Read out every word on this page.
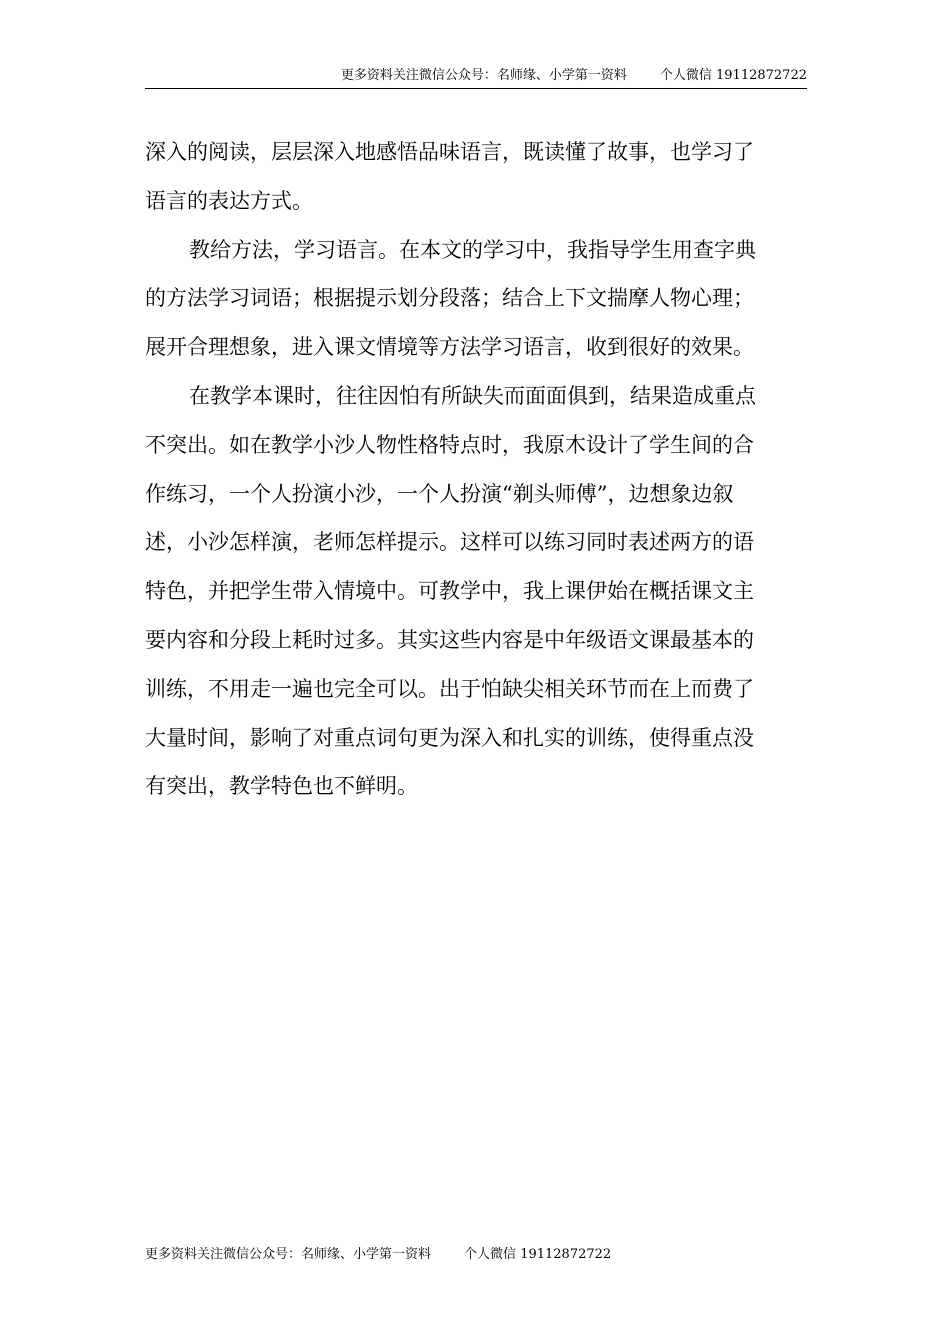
更多资料关注微信公众号：名师缘、小学第一资料        个人微信 19112872722
深入的阅读，层层深入地感悟品味语言，既读懂了故事，也学习了
语言的表达方式。
教给方法，学习语言。在本文的学习中，我指导学生用查字典
的方法学习词语；根据提示划分段落；结合上下文揣摩人物心理；
展开合理想象，进入课文情境等方法学习语言，收到很好的效果。
在教学本课时，往往因怕有所缺失而面面俱到，结果造成重点
不突出。如在教学小沙人物性格特点时，我原木设计了学生间的合
作练习，一个人扮演小沙，一个人扮演“剃头师傅”，边想象边叙
述，小沙怎样演，老师怎样提示。这样可以练习同时表述两方的语
特色，并把学生带入情境中。可教学中，我上课伊始在概括课文主
要内容和分段上耗时过多。其实这些内容是中年级语文课最基本的
训练，不用走一遍也完全可以。出于怕缺尖相关环节而在上而费了
大量时间，影响了对重点词句更为深入和扎实的训练，使得重点没
有突出，教学特色也不鲜明。
更多资料关注微信公众号：名师缘、小学第一资料        个人微信 19112872722
